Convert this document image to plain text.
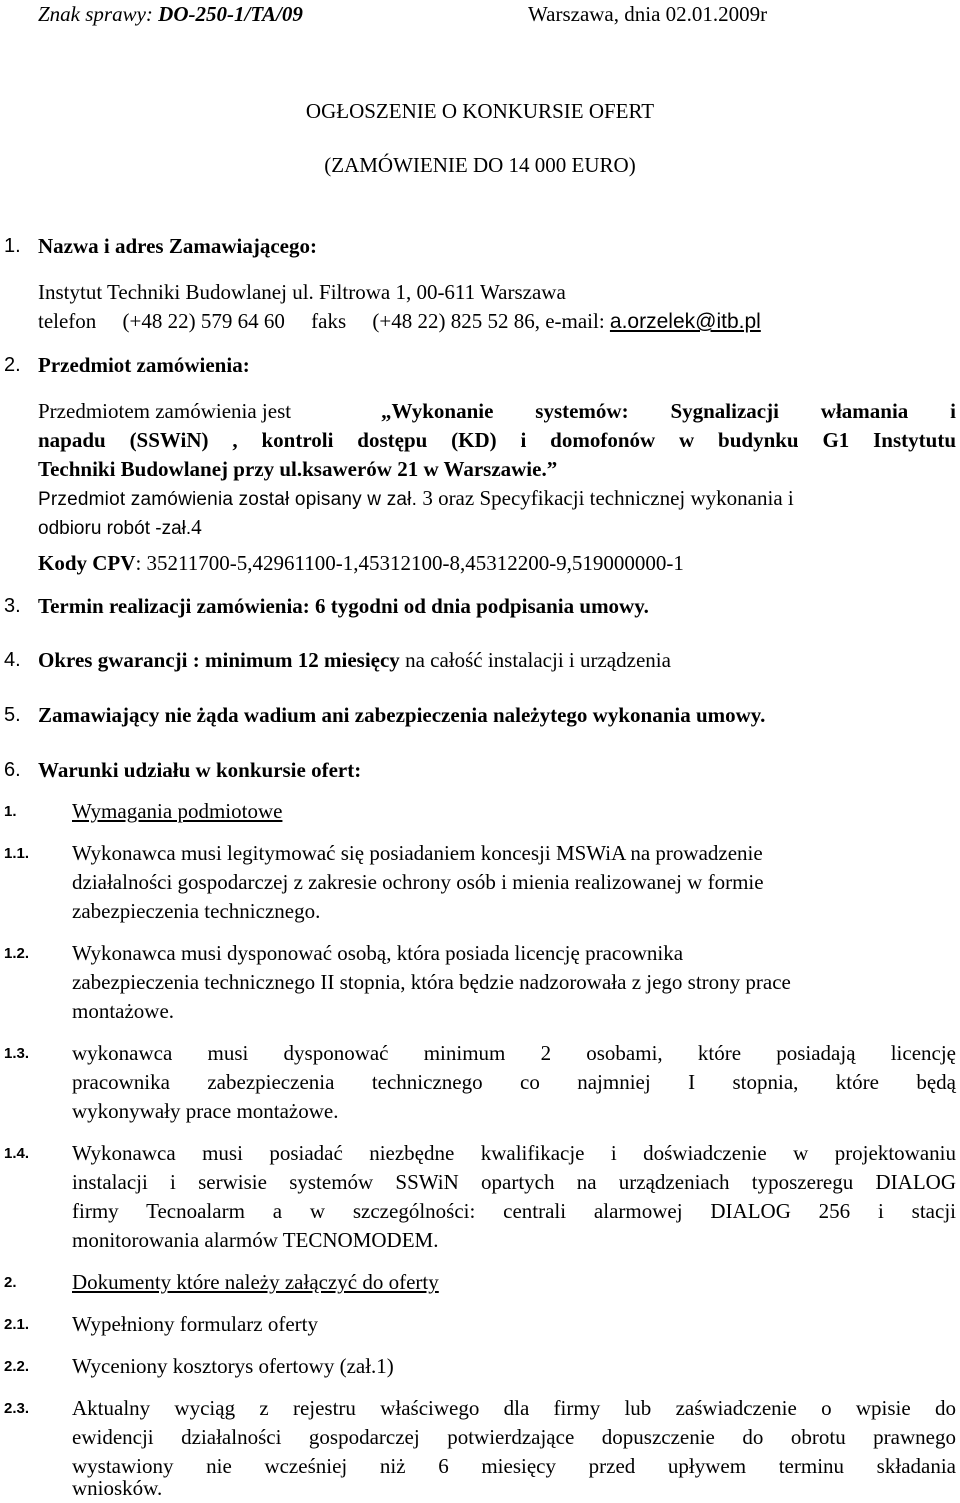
Znak sprawy: DO-250-1/TA/09	Warszawa, dnia 02.01.2009r
OGŁOSZENIE O KONKURSIE OFERT
(ZAMÓWIENIE DO 14 000 EURO)
1. Nazwa i adres Zamawiającego:
Instytut Techniki Budowlanej ul. Filtrowa 1, 00-611 Warszawa
telefon     (+48 22) 579 64 60     faks     (+48 22) 825 52 86, e-mail: a.orzelek@itb.pl
2. Przedmiot zamówienia:
Przedmiotem zamówienia jest	„Wykonanie systemów: Sygnalizacji włamania i
napadu (SSWiN) , kontroli dostępu (KD) i domofonów w budynku G1 Instytutu
Techniki Budowlanej przy ul.ksawerów 21 w Warszawie.”
Przedmiot zamówienia został opisany w zał. 3 oraz Specyfikacji technicznej wykonania i
odbioru robót -zał.4
Kody CPV: 35211700-5,42961100-1,45312100-8,45312200-9,519000000-1
3. Termin realizacji zamówienia: 6 tygodni od dnia podpisania umowy.
4. Okres gwarancji : minimum 12 miesięcy na całość instalacji i urządzenia
5. Zamawiający nie żąda wadium ani zabezpieczenia należytego wykonania umowy.
6. Warunki udziału w konkursie ofert:
1.	Wymagania podmiotowe
1.1. Wykonawca musi legitymować się posiadaniem koncesji MSWiA na prowadzenie
działalności gospodarczej z zakresie ochrony osób i mienia realizowanej w formie
zabezpieczenia technicznego.
1.2. Wykonawca musi dysponować osobą, która posiada licencję pracownika
zabezpieczenia technicznego II stopnia, która będzie nadzorowała z jego strony prace
montażowe.
1.3. wykonawca musi dysponować minimum 2 osobami, które posiadają licencję
pracownika zabezpieczenia technicznego co najmniej I stopnia, które będą
wykonywały prace montażowe.
1.4. Wykonawca musi posiadać niezbędne kwalifikacje i doświadczenie w projektowaniu
instalacji i serwisie systemów SSWiN opartych na urządzeniach typoszeregu DIALOG
firmy Tecnoalarm a w szczególności: centrali alarmowej DIALOG 256 i stacji
monitorowania alarmów TECNOMODEM.
2.	Dokumenty które należy załączyć do oferty
2.1. Wypełniony formularz oferty
2.2. Wyceniony kosztorys ofertowy (zał.1)
2.3. Aktualny wyciąg z rejestru właściwego dla firmy lub zaświadczenie o wpisie do
ewidencji działalności gospodarczej potwierdzające dopuszczenie do obrotu prawnego
wystawiony nie wcześniej niż 6 miesięcy przed upływem terminu składania
wniosków.
